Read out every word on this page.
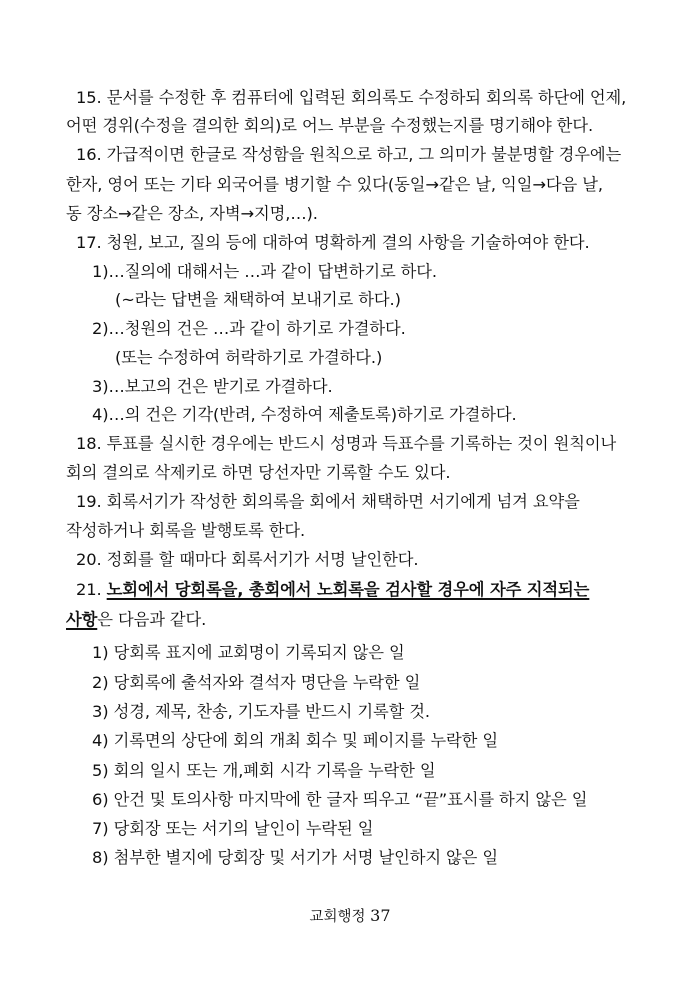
15. 문서를 수정한 후 컴퓨터에 입력된 회의록도 수정하되 회의록 하단에 언제,
어떤 경위(수정을 결의한 회의)로 어느 부분을 수정했는지를 명기해야 한다.
16. 가급적이면 한글로 작성함을 원칙으로 하고, 그 의미가 불분명할 경우에는
한자, 영어 또는 기타 외국어를 병기할 수 있다(동일→같은 날, 익일→다음 날,
동 장소→같은 장소, 자벽→지명,…).
17. 청원, 보고, 질의 등에 대하여 명확하게 결의 사항을 기술하여야 한다.
1)…질의에 대해서는 …과 같이 답변하기로 하다.
(~라는 답변을 채택하여 보내기로 하다.)
2)…청원의 건은 …과 같이 하기로 가결하다.
(또는 수정하여 허락하기로 가결하다.)
3)…보고의 건은 받기로 가결하다.
4)…의 건은 기각(반려, 수정하여 제출토록)하기로 가결하다.
18. 투표를 실시한 경우에는 반드시 성명과 득표수를 기록하는 것이 원칙이나
회의 결의로 삭제키로 하면 당선자만 기록할 수도 있다.
19. 회록서기가 작성한 회의록을 회에서 채택하면 서기에게 넘겨 요약을
작성하거나 회록을 발행토록 한다.
20. 정회를 할 때마다 회록서기가 서명 날인한다.
21. 노회에서 당회록을, 총회에서 노회록을 검사할 경우에 자주 지적되는
사항은 다음과 같다.
1) 당회록 표지에 교회명이 기록되지 않은 일
2) 당회록에 출석자와 결석자 명단을 누락한 일
3) 성경, 제목, 찬송, 기도자를 반드시 기록할 것.
4) 기록면의 상단에 회의 개최 회수 및 페이지를 누락한 일
5) 회의 일시 또는 개,폐회 시각 기록을 누락한 일
6) 안건 및 토의사항 마지막에 한 글자 띄우고 “끝”표시를 하지 않은 일
7) 당회장 또는 서기의 날인이 누락된 일
8) 첨부한 별지에 당회장 및 서기가 서명 날인하지 않은 일
교회행정 37
